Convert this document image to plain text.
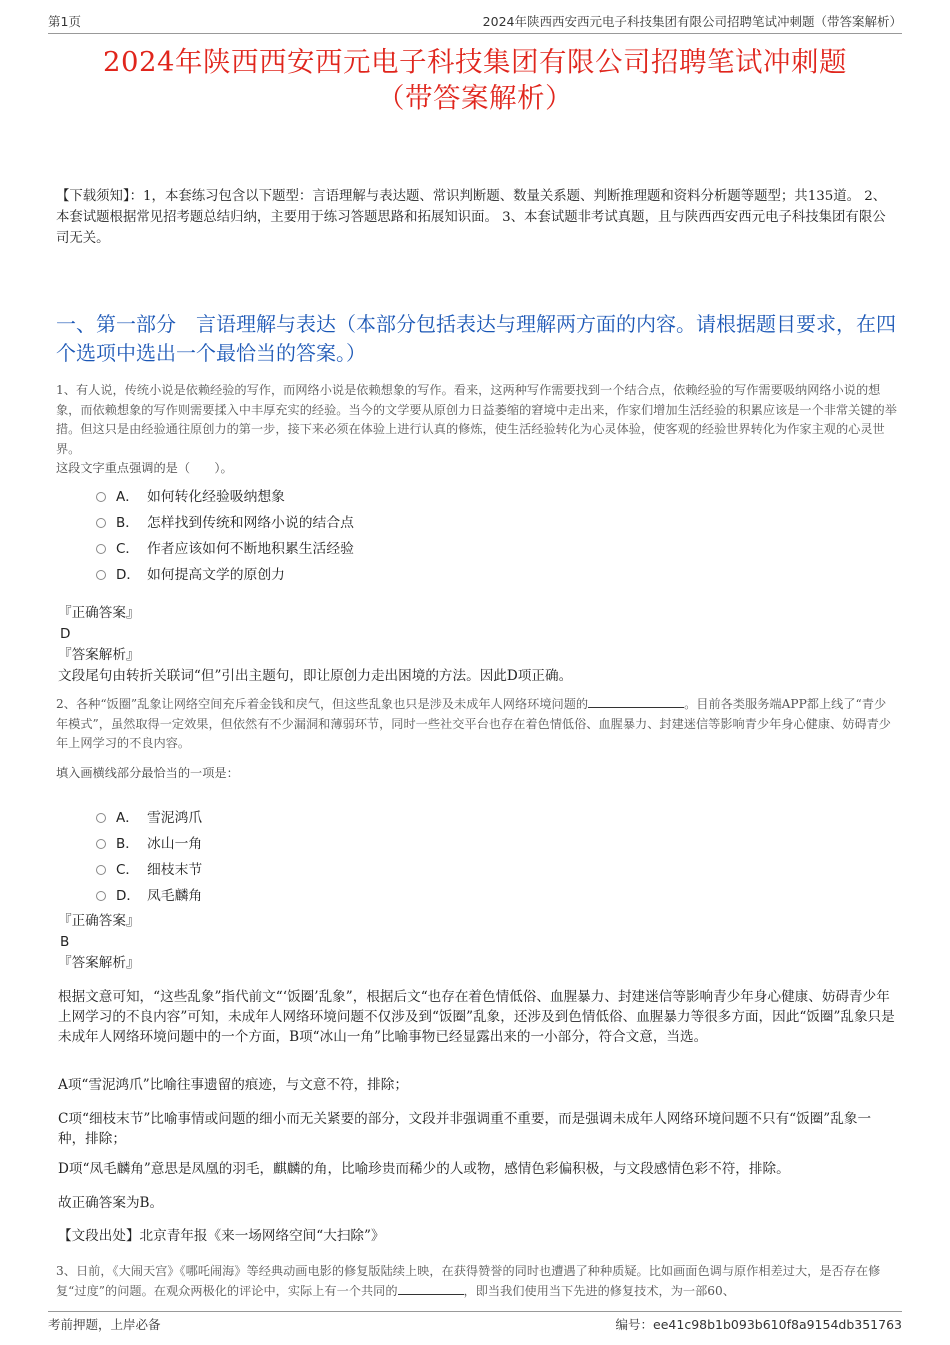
第1页	2024年陕西西安西元电子科技集团有限公司招聘笔试冲刺题（带答案解析）
2024年陕西西安西元电子科技集团有限公司招聘笔试冲刺题
（带答案解析）
【下载须知】：1，本套练习包含以下题型：言语理解与表达题、常识判断题、数量关系题、判断推理题和资料分析题等题型；共135道。 2、本套试题根据常见招考题总结归纳，主要用于练习答题思路和拓展知识面。 3、本套试题非考试真题，且与陕西西安西元电子科技集团有限公司无关。
一、第一部分　言语理解与表达（本部分包括表达与理解两方面的内容。请根据题目要求，在四个选项中选出一个最恰当的答案。）
1、有人说，传统小说是依赖经验的写作，而网络小说是依赖想象的写作。看来，这两种写作需要找到一个结合点，依赖经验的写作需要吸纳网络小说的想象，而依赖想象的写作则需要揉入中丰厚充实的经验。当今的文学要从原创力日益萎缩的窘境中走出来，作家们增加生活经验的积累应该是一个非常关键的举措。但这只是由经验通往原创力的第一步，接下来必须在体验上进行认真的修炼，使生活经验转化为心灵体验，使客观的经验世界转化为作家主观的心灵世界。
这段文字重点强调的是（　　）。
A． 如何转化经验吸纳想象
B． 怎样找到传统和网络小说的结合点
C． 作者应该如何不断地积累生活经验
D． 如何提高文学的原创力
『正确答案』
D
『答案解析』
文段尾句由转折关联词“但”引出主题句，即让原创力走出困境的方法。因此D项正确。
2、各种“饭圈”乱象让网络空间充斥着金钱和戾气，但这些乱象也只是涉及未成年人网络环境问题的	。目前各类服务端APP都上线了“青少年模式”，虽然取得一定效果，但依然有不少漏洞和薄弱环节，同时一些社交平台也存在着色情低俗、血腥暴力、封建迷信等影响青少年身心健康、妨碍青少年上网学习的不良内容。
填入画横线部分最恰当的一项是：
A． 雪泥鸿爪
B． 冰山一角
C． 细枝末节
D． 凤毛麟角
『正确答案』
B
『答案解析』
根据文意可知，“这些乱象”指代前文“‘饭圈’乱象”，根据后文“也存在着色情低俗、血腥暴力、封建迷信等影响青少年身心健康、妨碍青少年上网学习的不良内容”可知，未成年人网络环境问题不仅涉及到“饭圈”乱象，还涉及到色情低俗、血腥暴力等很多方面，因此“饭圈”乱象只是未成年人网络环境问题中的一个方面，B项“冰山一角”比喻事物已经显露出来的一小部分，符合文意，当选。
A项“雪泥鸿爪”比喻往事遗留的痕迹，与文意不符，排除；
C项“细枝末节”比喻事情或问题的细小而无关紧要的部分，文段并非强调重不重要，而是强调未成年人网络环境问题不只有“饭圈”乱象一种，排除；
D项“凤毛麟角”意思是凤凰的羽毛，麒麟的角，比喻珍贵而稀少的人或物，感情色彩偏积极，与文段感情色彩不符，排除。
故正确答案为B。
【文段出处】北京青年报《来一场网络空间“大扫除”》
3、日前，《大闹天宫》《哪吒闹海》等经典动画电影的修复版陆续上映，在获得赞誉的同时也遭遇了种种质疑。比如画面色调与原作相差过大，是否存在修复“过度”的问题。在观众两极化的评论中，实际上有一个共同的	，即当我们使用当下先进的修复技术，为一部60、
考前押题，上岸必备	编号：ee41c98b1b093b610f8a9154db351763
